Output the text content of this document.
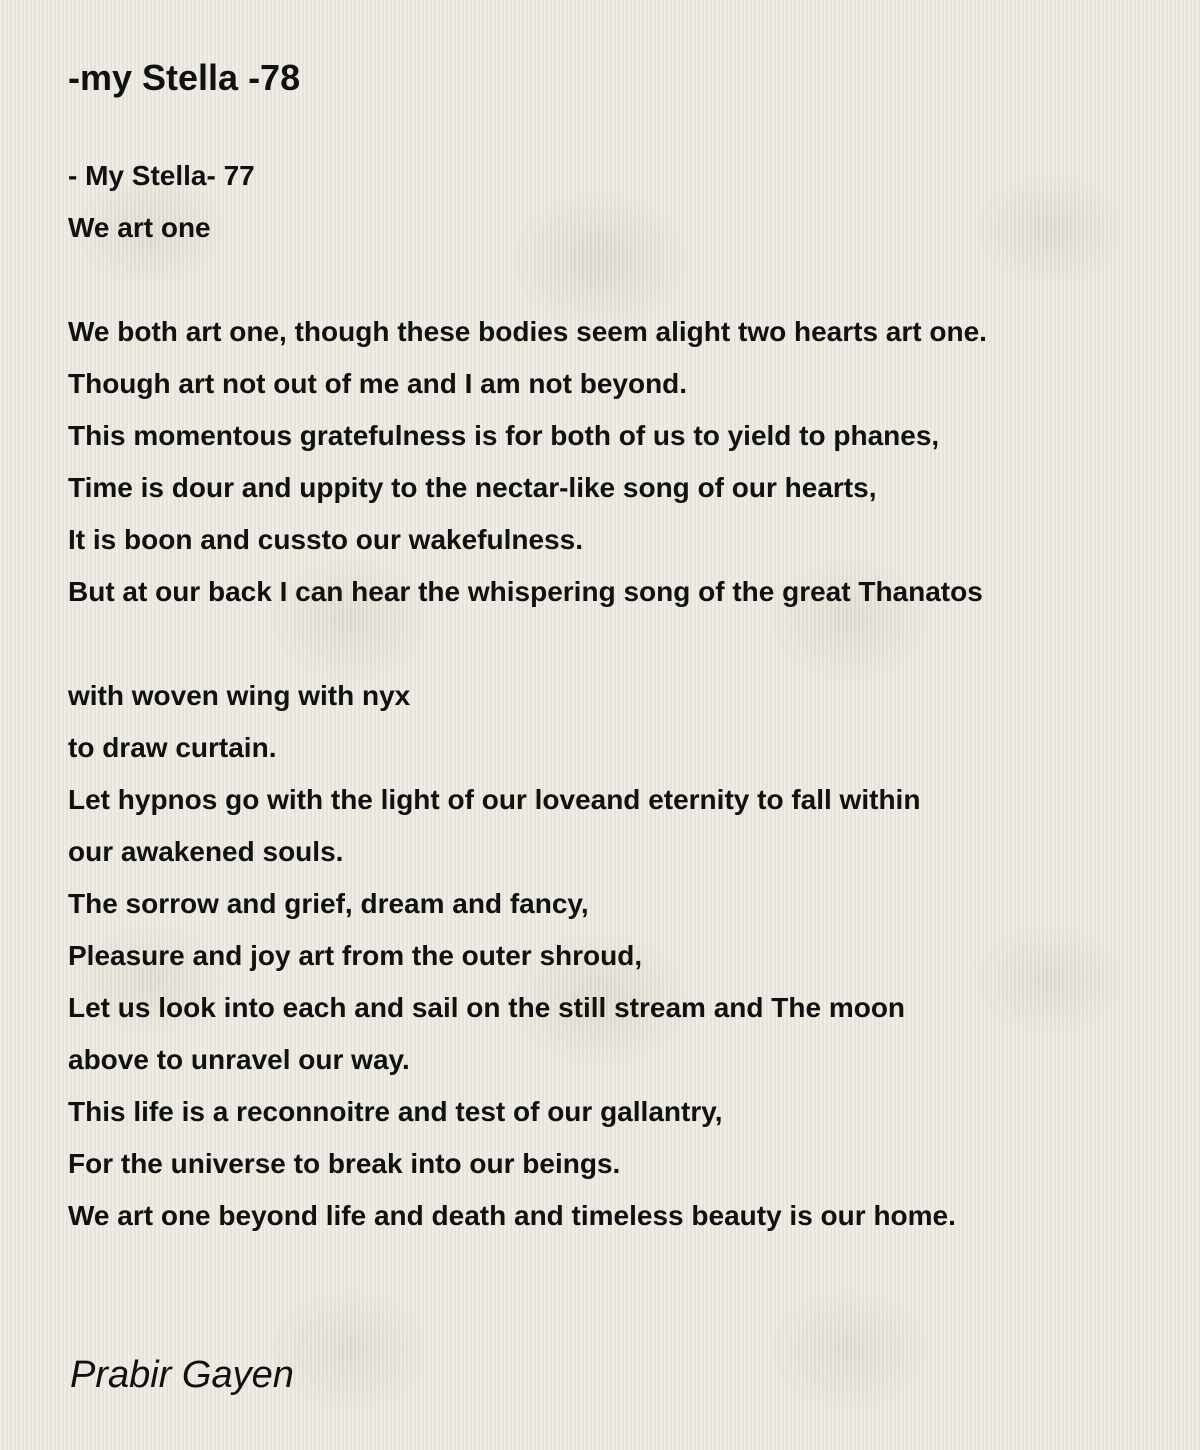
-my Stella -78
- My Stella- 77
We art one
We both art one, though these bodies seem alight two hearts art one.
Though art not out of me and I am not beyond.
This momentous gratefulness is for both of us to yield to phanes,
Time is dour and uppity to the nectar-like song of our hearts,
It is boon and cussto our wakefulness.
But at our back I can hear the whispering song of the great Thanatos
with woven wing with nyx
to draw curtain.
Let hypnos go with the light of our loveand eternity to fall within
our awakened souls.
The sorrow and grief, dream and fancy,
Pleasure and joy art from the outer shroud,
Let us look into each and sail on the still stream and The moon
above to unravel our way.
This life is a reconnoitre and test of our gallantry,
For the universe to break into our beings.
We art one beyond life and death and timeless beauty is our home.
Prabir Gayen
